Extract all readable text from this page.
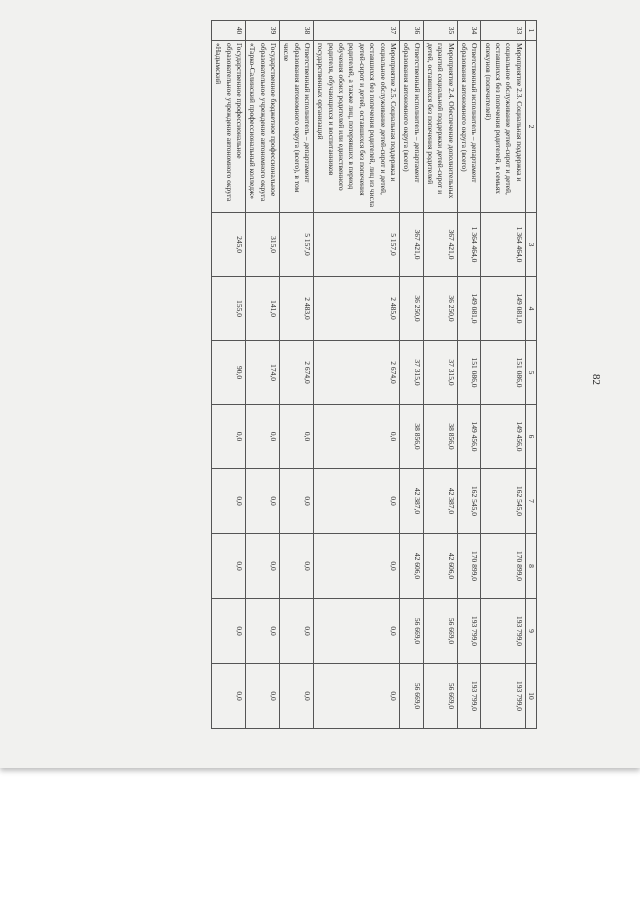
82
1	2	3	4	5	6	7	8	9	10
33	Мероприятие 2.3. Социальная поддержка и социальное обслуживание детей-сирот и детей, оставшихся без попечения родителей, в семьях опекунов (попечителей)	1 364 464,0	149 081,0	151 086,0	149 456,0	162 545,0	170 899,0	193 799,0	193 799,0
34	Ответственный исполнитель – департамент образования автономного округа (всего)	1 364 464,0	149 081,0	151 086,0	149 456,0	162 545,0	170 899,0	193 799,0	193 799,0
35	Мероприятие 2.4. Обеспечение дополнительных гарантий социальной поддержки детей-сирот и детей, оставшихся без попечения родителей	367 421,0	36 250,0	37 315,0	38 856,0	42 387,0	42 606,0	56 669,0	56 669,0
36	Ответственный исполнитель – департамент образования автономного округа (всего)	367 421,0	36 250,0	37 315,0	38 856,0	42 387,0	42 606,0	56 669,0	56 669,0
37	Мероприятие 2.5. Социальная поддержка и социальное обслуживание детей-сирот и детей, оставшихся без попечения родителей, лиц из числа детей-сирот и детей, оставшихся без попечения родителей, а также лиц, потерявших в период обучения обоих родителей или единственного родителя, обучающихся и воспитанников государственных организаций	5 157,0	2 485,0	2 674,0	0,0	0,0	0,0	0,0	0,0
38	Ответственный исполнитель – департамент образования автономного округа (всего), в том числе	5 157,0	2 483,0	2 674,0	0,0	0,0	0,0	0,0	0,0
39	Государственное бюджетное профессиональное образовательное учреждение автономного округа «Тарко-Салинский профессиональный колледж»	315,0	141,0	174,0	0,0	0,0	0,0	0,0	0,0
40	Государственное профессиональное образовательное учреждение автономного округа «Надымский	245,0	155,0	90,0	0,0	0,0	0,0	0,0	0,0
